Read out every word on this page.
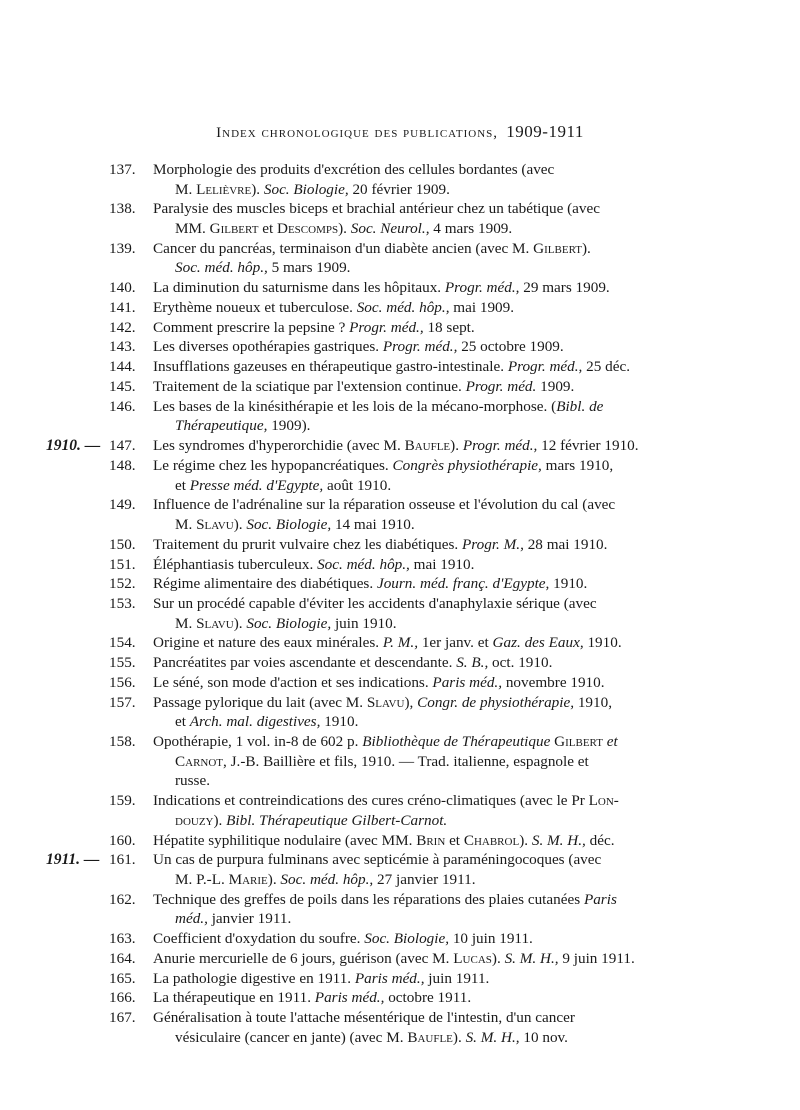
Index chronologique des publications, 1909-1911
137.	Morphologie des produits d'excrétion des cellules bordantes (avec
M. Lelièvre). Soc. Biologie, 20 février 1909.
138.	Paralysie des muscles biceps et brachial antérieur chez un tabétique (avec
MM. Gilbert et Descomps). Soc. Neurol., 4 mars 1909.
139.	Cancer du pancréas, terminaison d'un diabète ancien (avec M. Gilbert).
Soc. méd. hôp., 5 mars 1909.
140.	La diminution du saturnisme dans les hôpitaux. Progr. méd., 29 mars 1909.
141.	Erythème noueux et tuberculose. Soc. méd. hôp., mai 1909.
142.	Comment prescrire la pepsine ? Progr. méd., 18 sept.
143.	Les diverses opothérapies gastriques. Progr. méd., 25 octobre 1909.
144.	Insufflations gazeuses en thérapeutique gastro-intestinale. Progr. méd., 25 déc.
145.	Traitement de la sciatique par l'extension continue. Progr. méd. 1909.
146.	Les bases de la kinésithérapie et les lois de la mécano-morphose. (Bibl. de
Thérapeutique, 1909).
1910. — 147.	Les syndromes d'hyperorchidie (avec M. Baufle). Progr. méd., 12 février 1910.
148.	Le régime chez les hypopancréatiques. Congrès physiothérapie, mars 1910,
et Presse méd. d'Egypte, août 1910.
149.	Influence de l'adrénaline sur la réparation osseuse et l'évolution du cal (avec
M. Slavu). Soc. Biologie, 14 mai 1910.
150.	Traitement du prurit vulvaire chez les diabétiques. Progr. M., 28 mai 1910.
151.	Éléphantiasis tuberculeux. Soc. méd. hôp., mai 1910.
152.	Régime alimentaire des diabétiques. Journ. méd. franç. d'Egypte, 1910.
153.	Sur un procédé capable d'éviter les accidents d'anaphylaxie sérique (avec
M. Slavu). Soc. Biologie, juin 1910.
154.	Origine et nature des eaux minérales. P. M., 1er janv. et Gaz. des Eaux, 1910.
155.	Pancréatites par voies ascendante et descendante. S. B., oct. 1910.
156.	Le séné, son mode d'action et ses indications. Paris méd., novembre 1910.
157.	Passage pylorique du lait (avec M. Slavu), Congr. de physiothérapie, 1910,
et Arch. mal. digestives, 1910.
158.	Opothérapie, 1 vol. in-8 de 602 p. Bibliothèque de Thérapeutique Gilbert et
Carnot, J.-B. Baillière et fils, 1910. — Trad. italienne, espagnole et
russe.
159.	Indications et contreindications des cures créno-climatiques (avec le Pr Lon-
douzy). Bibl. Thérapeutique Gilbert-Carnot.
160.	Hépatite syphilitique nodulaire (avec MM. Brin et Chabrol). S. M. H., déc.
1911. — 161.	Un cas de purpura fulminans avec septicémie à paraméningocoques (avec
M. P.-L. Marie). Soc. méd. hôp., 27 janvier 1911.
162.	Technique des greffes de poils dans les réparations des plaies cutanées Paris
méd., janvier 1911.
163.	Coefficient d'oxydation du soufre. Soc. Biologie, 10 juin 1911.
164.	Anurie mercurielle de 6 jours, guérison (avec M. Lucas). S. M. H., 9 juin 1911.
165.	La pathologie digestive en 1911. Paris méd., juin 1911.
166.	La thérapeutique en 1911. Paris méd., octobre 1911.
167.	Généralisation à toute l'attache mésentérique de l'intestin, d'un cancer
vésiculaire (cancer en jante) (avec M. Baufle). S. M. H., 10 nov.
